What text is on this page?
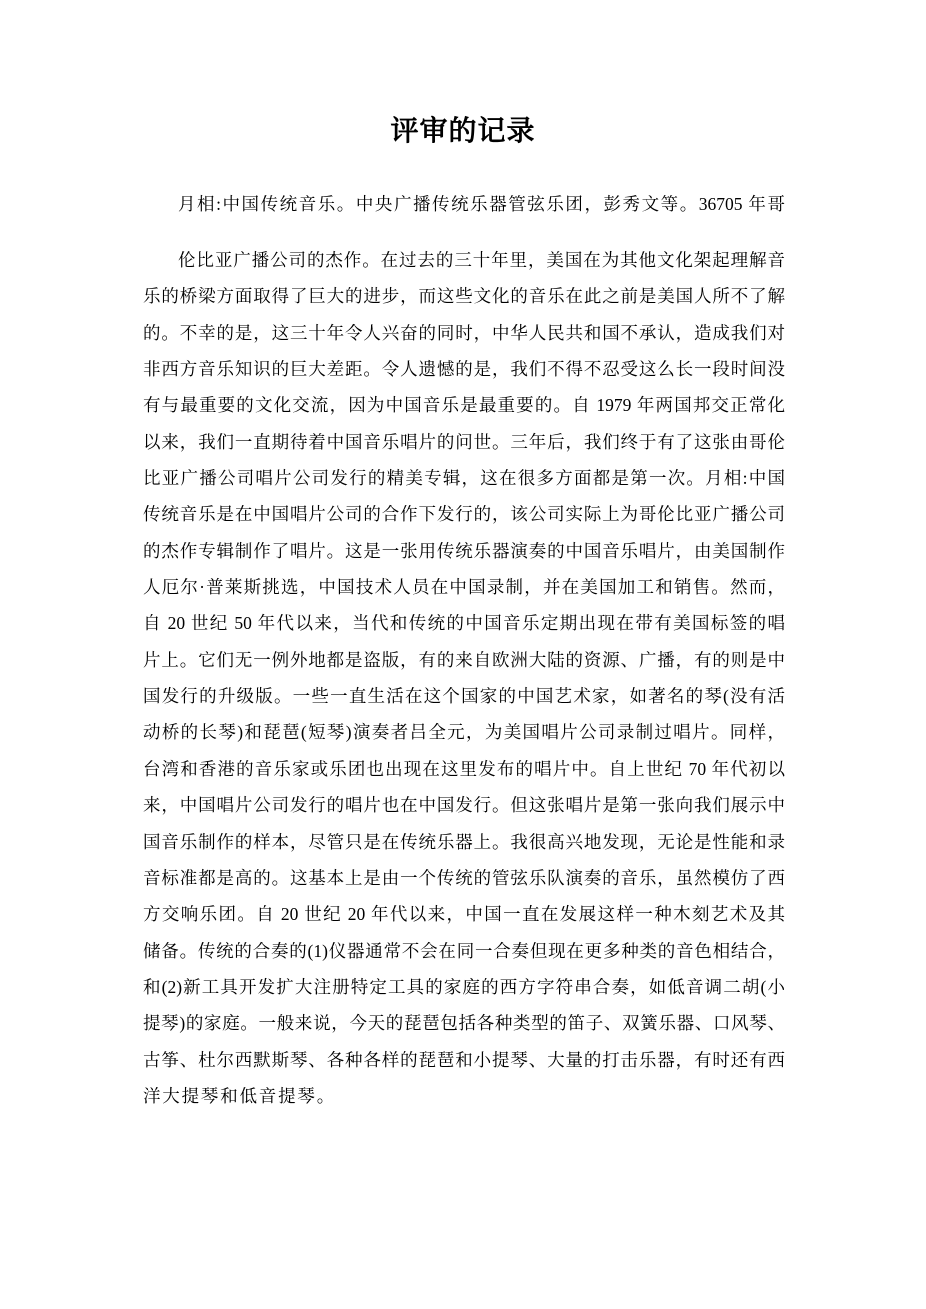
评审的记录
月相:中国传统音乐。中央广播传统乐器管弦乐团，彭秀文等。36705 年哥
伦比亚广播公司的杰作。在过去的三十年里，美国在为其他文化架起理解音
乐的桥梁方面取得了巨大的进步，而这些文化的音乐在此之前是美国人所不了解
的。不幸的是，这三十年令人兴奋的同时，中华人民共和国不承认，造成我们对
非西方音乐知识的巨大差距。令人遗憾的是，我们不得不忍受这么长一段时间没
有与最重要的文化交流，因为中国音乐是最重要的。自 1979 年两国邦交正常化
以来，我们一直期待着中国音乐唱片的问世。三年后，我们终于有了这张由哥伦
比亚广播公司唱片公司发行的精美专辑，这在很多方面都是第一次。月相:中国
传统音乐是在中国唱片公司的合作下发行的，该公司实际上为哥伦比亚广播公司
的杰作专辑制作了唱片。这是一张用传统乐器演奏的中国音乐唱片，由美国制作
人厄尔·普莱斯挑选，中国技术人员在中国录制，并在美国加工和销售。然而，
自 20 世纪 50 年代以来，当代和传统的中国音乐定期出现在带有美国标签的唱
片上。它们无一例外地都是盗版，有的来自欧洲大陆的资源、广播，有的则是中
国发行的升级版。一些一直生活在这个国家的中国艺术家，如著名的琴(没有活
动桥的长琴)和琵琶(短琴)演奏者吕全元，为美国唱片公司录制过唱片。同样，
台湾和香港的音乐家或乐团也出现在这里发布的唱片中。自上世纪 70 年代初以
来，中国唱片公司发行的唱片也在中国发行。但这张唱片是第一张向我们展示中
国音乐制作的样本，尽管只是在传统乐器上。我很高兴地发现，无论是性能和录
音标准都是高的。这基本上是由一个传统的管弦乐队演奏的音乐，虽然模仿了西
方交响乐团。自 20 世纪 20 年代以来，中国一直在发展这样一种木刻艺术及其
储备。传统的合奏的(1)仪器通常不会在同一合奏但现在更多种类的音色相结合，
和(2)新工具开发扩大注册特定工具的家庭的西方字符串合奏，如低音调二胡(小
提琴)的家庭。一般来说，今天的琵琶包括各种类型的笛子、双簧乐器、口风琴、
古筝、杜尔西默斯琴、各种各样的琵琶和小提琴、大量的打击乐器，有时还有西
洋大提琴和低音提琴。
